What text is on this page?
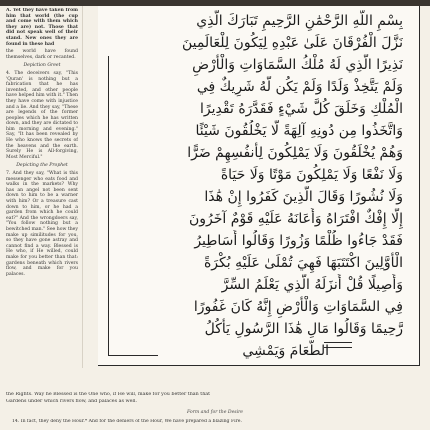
A. Yet they have taken from him that world (the cup and come with them which they are) not. Those that did not speak well of their stand. New ones they are found in these had

the world have found themselves, dark or recanted.

Depiction Greet

4. The deceivers say, "This 'Quran' is nothing but a fabrication that he has invented, and other people have helped him with it." Then they have come with injustice and a lie. And they say, "These are legends of the former peoples which he has written down, and they are dictated to him morning and evening." Say, "It has been revealed by He who knows the secrets of the heavens and the earth. Surely He is All-forgiving, Most Merciful."

Depicting the Prophet

7. And they say, "What is this messenger who eats food and walks in the markets? Why has an angel not been sent down to him to be a warner with him? Or a treasure cast down to him, or he had a garden from which he could eat?" And the wrongdoers say, "You follow nothing but a bewitched man." See how they make up similitudes for you, so they have gone astray and cannot find a way. Blessed is He who, if He willed, could make for you better than that: gardens beneath which rivers flow, and make for you palaces.

بِسْمِ اللَّهِ الرَّحْمَٰنِ الرَّحِيمِ تَبَارَكَ الَّذِي
نَزَّلَ الْفُرْقَانَ عَلَىٰ عَبْدِهِ لِيَكُونَ لِلْعَالَمِينَ
نَذِيرًا الَّذِي لَهُ مُلْكُ السَّمَاوَاتِ وَالْأَرْضِ
وَلَمْ يَتَّخِذْ وَلَدًا وَلَمْ يَكُن لَّهُ شَرِيكٌ فِي
الْمُلْكِ وَخَلَقَ كُلَّ شَيْءٍ فَقَدَّرَهُ تَقْدِيرًا
وَاتَّخَذُوا مِن دُونِهِ آلِهَةً لَّا يَخْلُقُونَ شَيْئًا
وَهُمْ يُخْلَقُونَ وَلَا يَمْلِكُونَ لِأَنفُسِهِمْ ضَرًّا
وَلَا نَفْعًا وَلَا يَمْلِكُونَ مَوْتًا وَلَا حَيَاةً
وَلَا نُشُورًا وَقَالَ الَّذِينَ كَفَرُوا إِنْ هَٰذَا
إِلَّا إِفْكٌ افْتَرَاهُ وَأَعَانَهُ عَلَيْهِ قَوْمٌ آخَرُونَ
فَقَدْ جَاءُوا ظُلْمًا وَزُورًا وَقَالُوا أَسَاطِيرُ
الْأَوَّلِينَ اكْتَتَبَهَا فَهِيَ تُمْلَىٰ عَلَيْهِ بُكْرَةً
وَأَصِيلًا قُلْ أَنزَلَهُ الَّذِي يَعْلَمُ السِّرَّ
فِي السَّمَاوَاتِ وَالْأَرْضِ إِنَّهُ كَانَ غَفُورًا
رَّحِيمًا وَقَالُوا مَالِ هَٰذَا الرَّسُولِ يَأْكُلُ
الطَّعَامَ وَيَمْشِي
the Rights. Way he Blessed is the One who, if He will, make for you better than that
Gardens under which rivers flow, and palaces as well.
Form and for the Desire
14. In fact, they deny the Hour.* And for the deniers of the Hour, We have prepared a blazing Fire.
